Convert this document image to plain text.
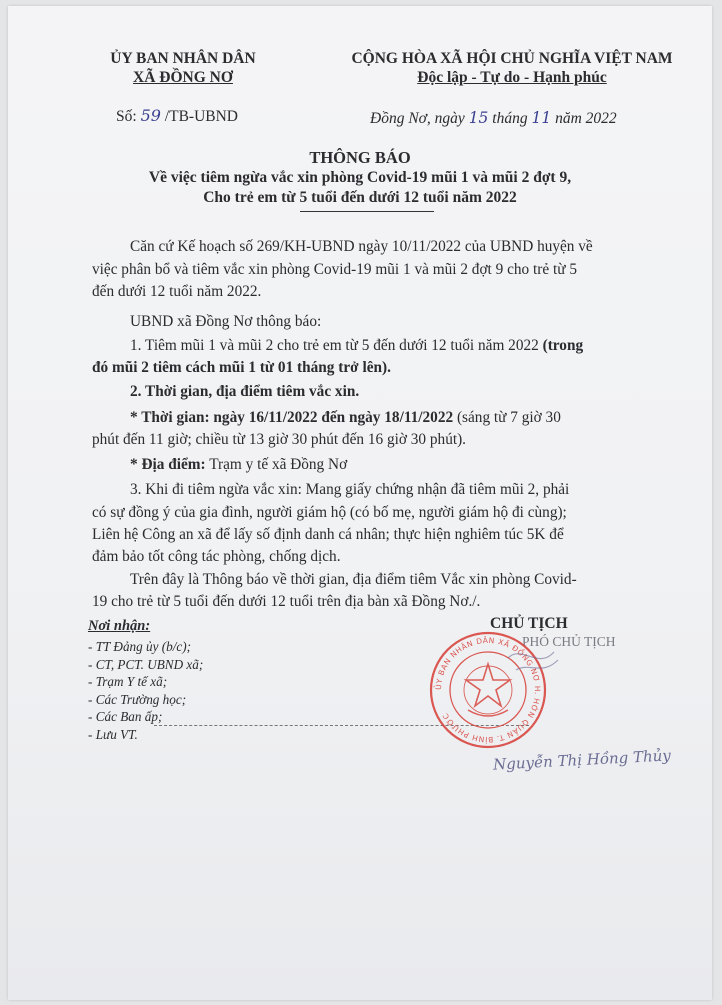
ỦY BAN NHÂN DÂN
XÃ ĐỒNG NƠ
CỘNG HÒA XÃ HỘI CHỦ NGHĨA VIỆT NAM
Độc lập - Tự do - Hạnh phúc
Số: 59 /TB-UBND	Đồng Nơ, ngày 15 tháng 11 năm 2022
THÔNG BÁO
Về việc tiêm ngừa vắc xin phòng Covid-19 mũi 1 và mũi 2 đợt 9,
Cho trẻ em từ 5 tuổi đến dưới 12 tuổi năm 2022
Căn cứ Kế hoạch số 269/KH-UBND ngày 10/11/2022 của UBND huyện về
việc phân bổ và tiêm vắc xin phòng Covid-19 mũi 1 và mũi 2 đợt 9 cho trẻ từ 5
đến dưới 12 tuổi năm 2022.
UBND xã Đồng Nơ thông báo:
1. Tiêm mũi 1 và mũi 2 cho trẻ em từ 5 đến dưới 12 tuổi năm 2022 (trong
đó mũi 2 tiêm cách mũi 1 từ 01 tháng trở lên).
2. Thời gian, địa điểm tiêm vắc xin.
* Thời gian: ngày 16/11/2022 đến ngày 18/11/2022 (sáng từ 7 giờ 30
phút đến 11 giờ; chiều từ 13 giờ 30 phút đến 16 giờ 30 phút).
* Địa điểm: Trạm y tế xã Đồng Nơ
3. Khi đi tiêm ngừa vắc xin: Mang giấy chứng nhận đã tiêm mũi 2, phải
có sự đồng ý của gia đình, người giám hộ (có bố mẹ, người giám hộ đi cùng);
Liên hệ Công an xã để lấy số định danh cá nhân; thực hiện nghiêm túc 5K để
đảm bảo tốt công tác phòng, chống dịch.
Trên đây là Thông báo về thời gian, địa điểm tiêm Vắc xin phòng Covid-
19 cho trẻ từ 5 tuổi đến dưới 12 tuổi trên địa bàn xã Đồng Nơ./.
Nơi nhận:
- TT Đảng ủy (b/c);
- CT, PCT. UBND xã;
- Trạm Y tế xã;
- Các Trường học;
- Các Ban ấp;
- Lưu VT.
CHỦ TỊCH
PHÓ CHỦ TỊCH
ỦY BAN NHÂN DÂN XÃ ĐỒNG NƠ H. HỚN QUẢN T. BÌNH PHƯỚC
Nguyễn Thị Hồng Thủy
